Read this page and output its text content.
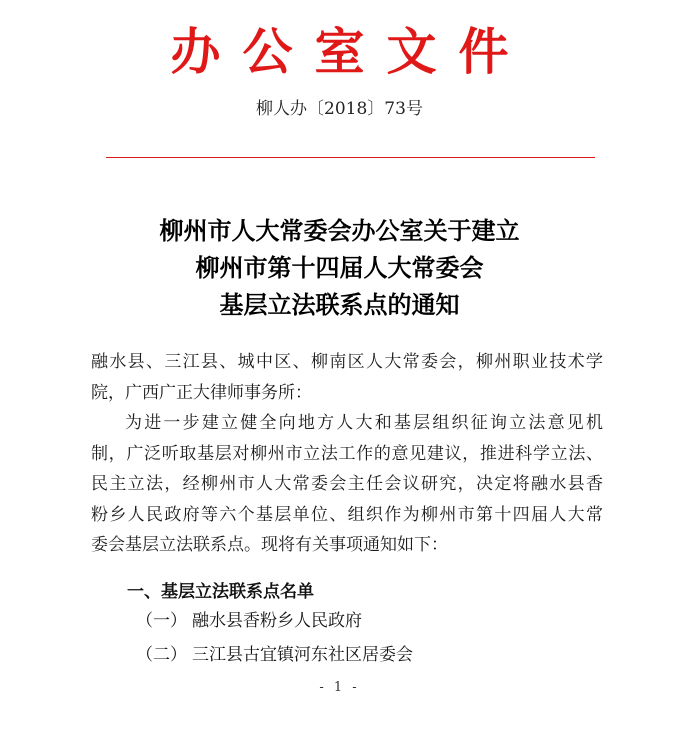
办公室文件
柳人办〔2018〕73号
柳州市人大常委会办公室关于建立
柳州市第十四届人大常委会
基层立法联系点的通知
融水县、三江县、城中区、柳南区人大常委会，柳州职业技术学
院，广西广正大律师事务所：
为进一步建立健全向地方人大和基层组织征询立法意见机
制，广泛听取基层对柳州市立法工作的意见建议，推进科学立法、
民主立法，经柳州市人大常委会主任会议研究，决定将融水县香
粉乡人民政府等六个基层单位、组织作为柳州市第十四届人大常
委会基层立法联系点。现将有关事项通知如下：
一、基层立法联系点名单
（一） 融水县香粉乡人民政府
（二） 三江县古宜镇河东社区居委会
- 1 -
